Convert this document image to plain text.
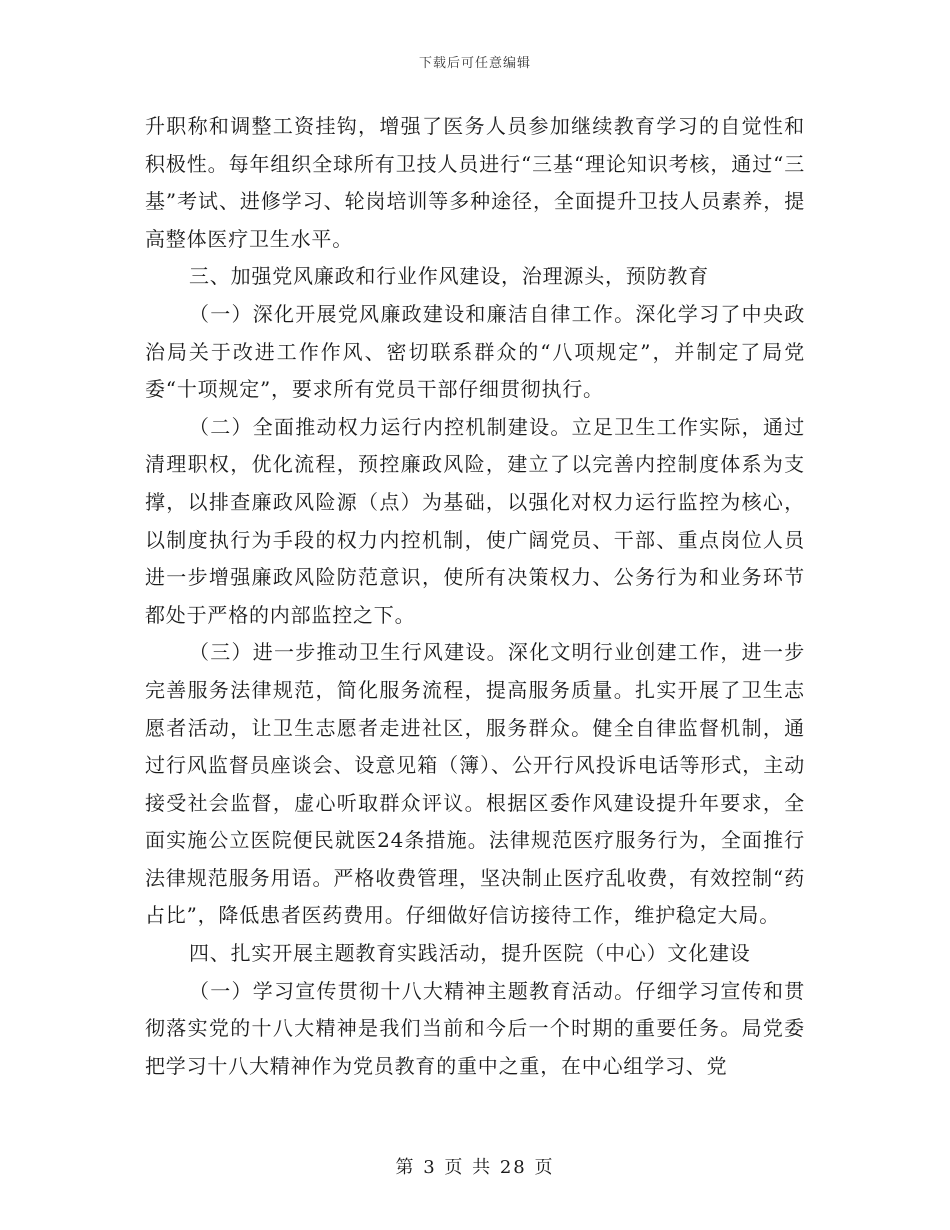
下载后可任意编辑

升职称和调整工资挂钩，增强了医务人员参加继续教育学习的自觉性和积极性。每年组织全球所有卫技人员进行“三基“理论知识考核，通过“三基”考试、进修学习、轮岗培训等多种途径，全面提升卫技人员素养，提高整体医疗卫生水平。

三、加强党风廉政和行业作风建设，治理源头，预防教育

（一）深化开展党风廉政建设和廉洁自律工作。深化学习了中央政治局关于改进工作作风、密切联系群众的“八项规定”，并制定了局党委“十项规定”，要求所有党员干部仔细贯彻执行。

（二）全面推动权力运行内控机制建设。立足卫生工作实际，通过清理职权，优化流程，预控廉政风险，建立了以完善内控制度体系为支撑，以排查廉政风险源（点）为基础，以强化对权力运行监控为核心，以制度执行为手段的权力内控机制，使广阔党员、干部、重点岗位人员进一步增强廉政风险防范意识，使所有决策权力、公务行为和业务环节都处于严格的内部监控之下。

（三）进一步推动卫生行风建设。深化文明行业创建工作，进一步完善服务法律规范，简化服务流程，提高服务质量。扎实开展了卫生志愿者活动，让卫生志愿者走进社区，服务群众。健全自律监督机制，通过行风监督员座谈会、设意见箱（簿）、公开行风投诉电话等形式，主动接受社会监督，虚心听取群众评议。根据区委作风建设提升年要求，全面实施公立医院便民就医24条措施。法律规范医疗服务行为，全面推行法律规范服务用语。严格收费管理，坚决制止医疗乱收费，有效控制“药占比”，降低患者医药费用。仔细做好信访接待工作，维护稳定大局。

四、扎实开展主题教育实践活动，提升医院（中心）文化建设

（一）学习宣传贯彻十八大精神主题教育活动。仔细学习宣传和贯彻落实党的十八大精神是我们当前和今后一个时期的重要任务。局党委把学习十八大精神作为党员教育的重中之重，在中心组学习、党

第 3 页 共 28 页
